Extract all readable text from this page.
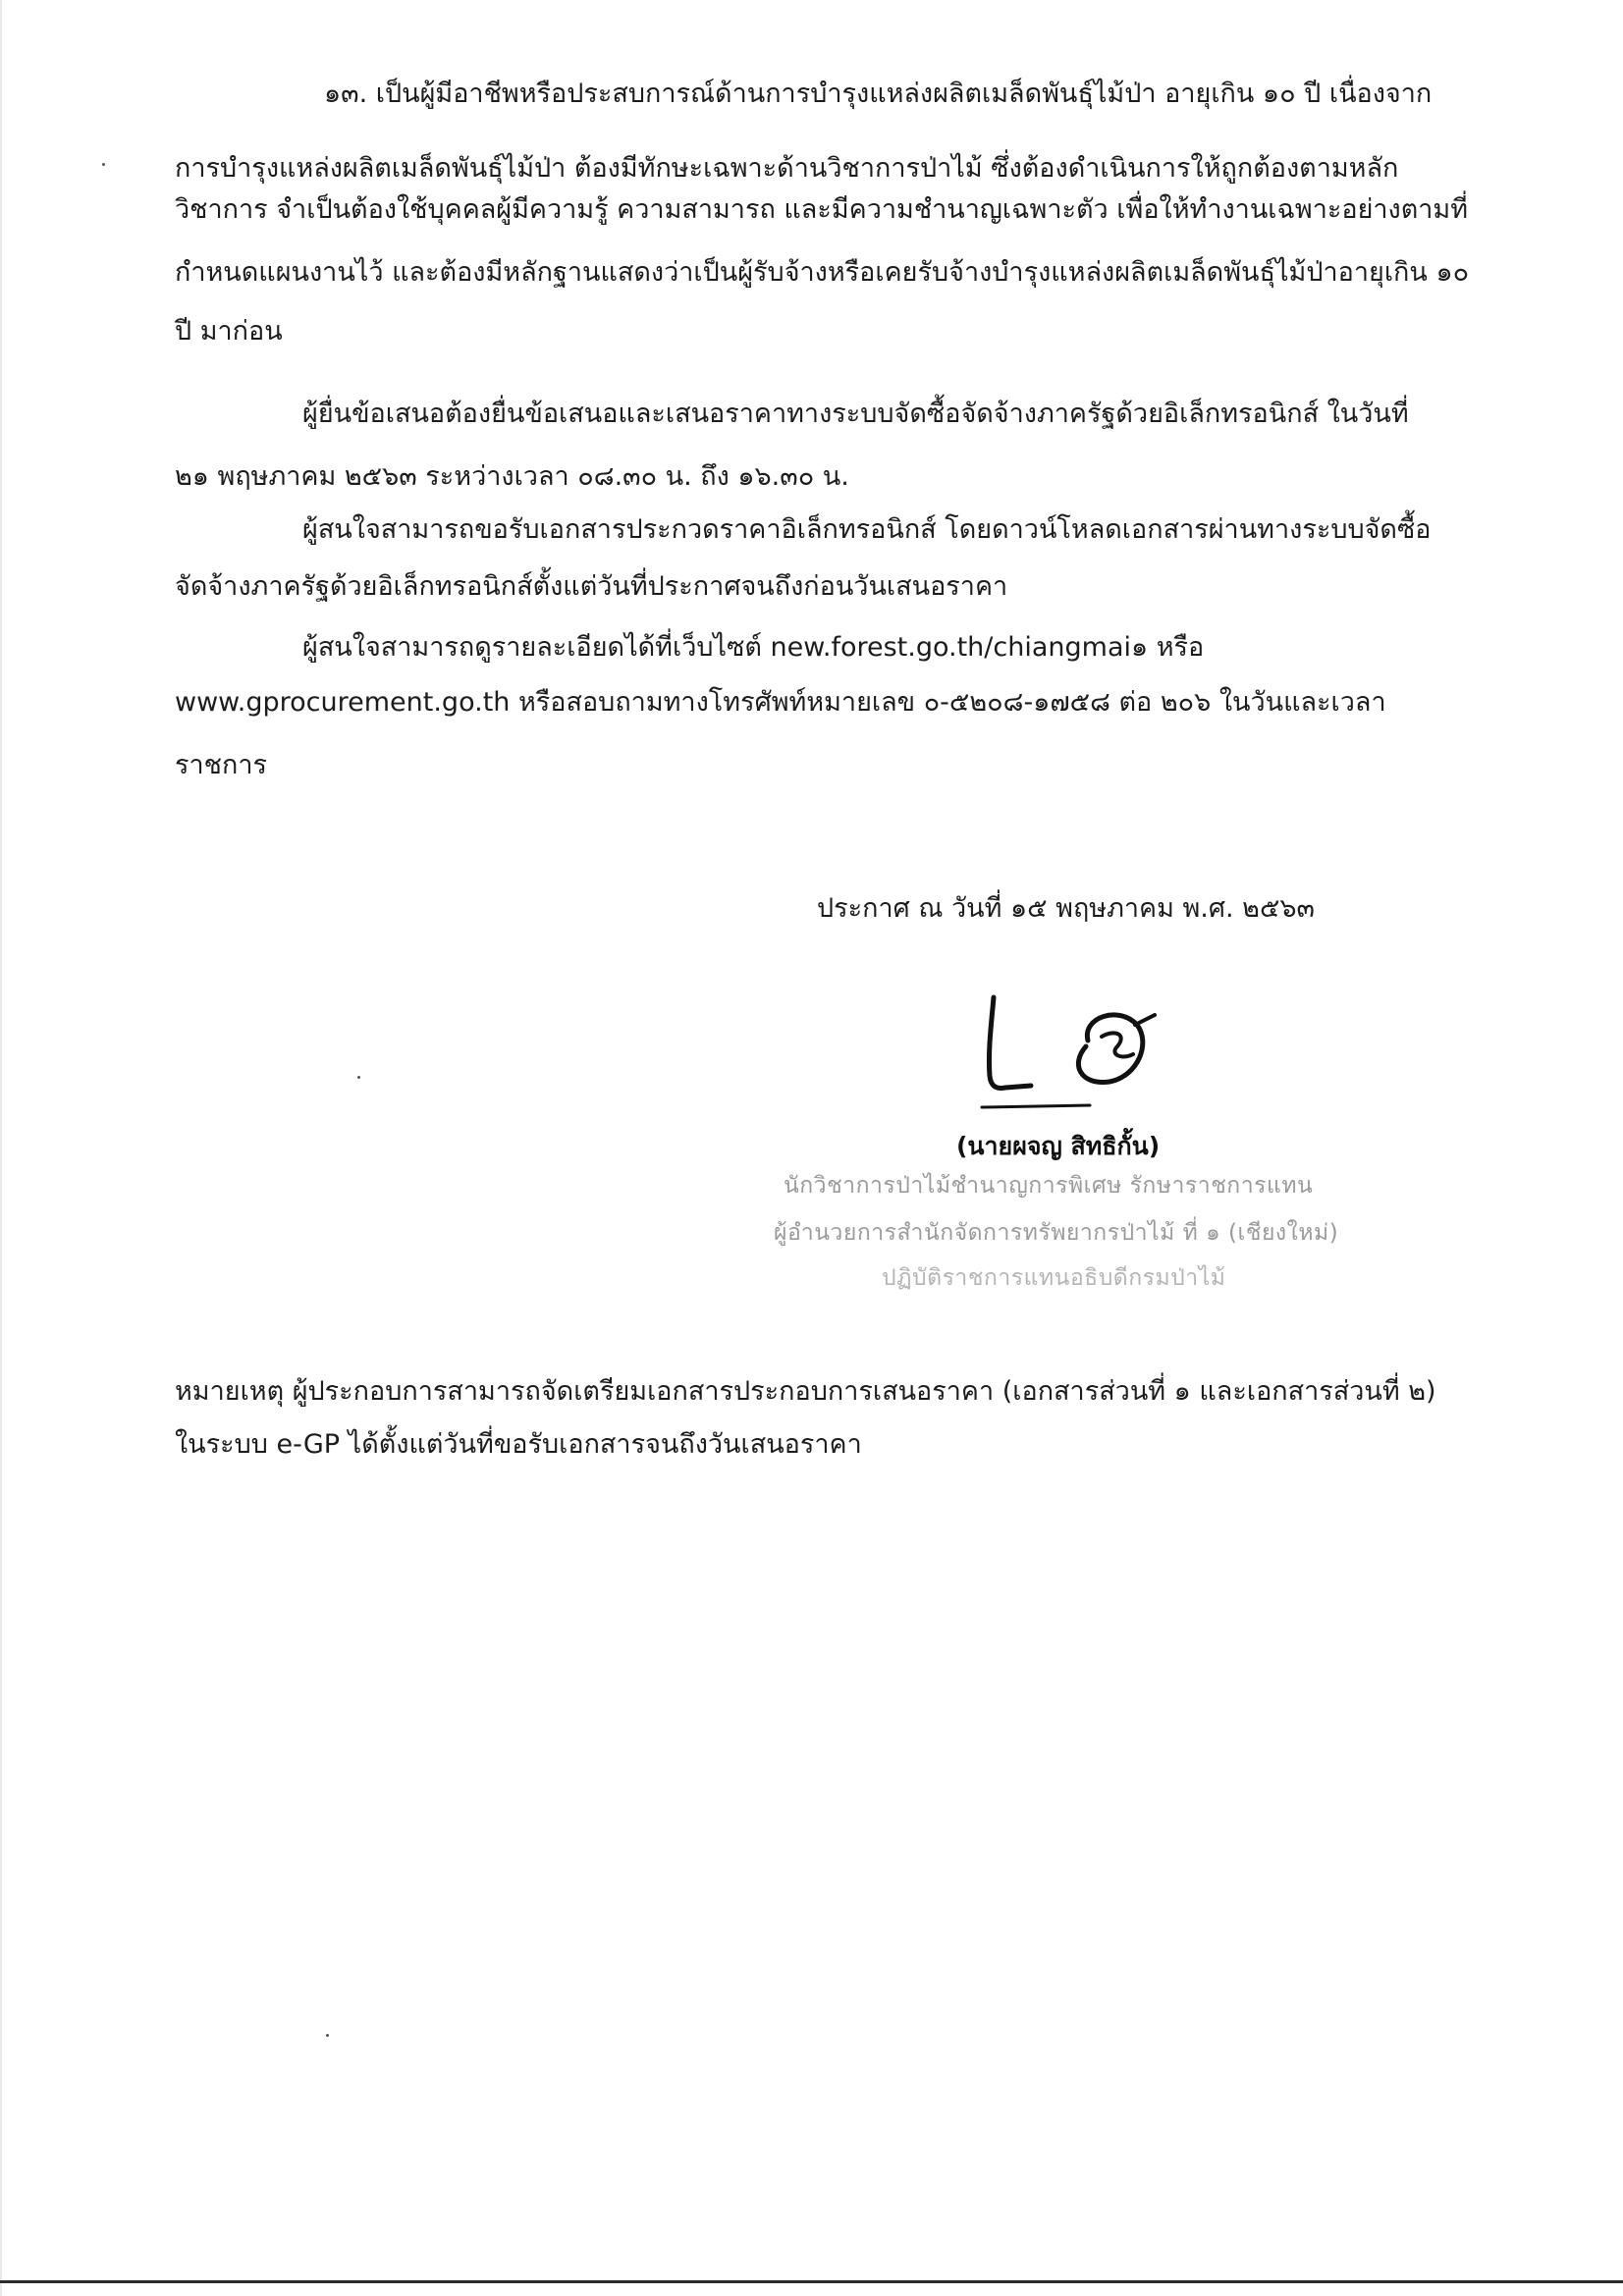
๑๓. เป็นผู้มีอาชีพหรือประสบการณ์ด้านการบำรุงแหล่งผลิตเมล็ดพันธุ์ไม้ป่า อายุเกิน ๑๐ ปี เนื่องจาก
การบำรุงแหล่งผลิตเมล็ดพันธุ์ไม้ป่า ต้องมีทักษะเฉพาะด้านวิชาการป่าไม้ ซึ่งต้องดำเนินการให้ถูกต้องตามหลัก
วิชาการ จำเป็นต้องใช้บุคคลผู้มีความรู้ ความสามารถ และมีความชำนาญเฉพาะตัว เพื่อให้ทำงานเฉพาะอย่างตามที่
กำหนดแผนงานไว้ และต้องมีหลักฐานแสดงว่าเป็นผู้รับจ้างหรือเคยรับจ้างบำรุงแหล่งผลิตเมล็ดพันธุ์ไม้ป่าอายุเกิน ๑๐
ปี มาก่อน
ผู้ยื่นข้อเสนอต้องยื่นข้อเสนอและเสนอราคาทางระบบจัดซื้อจัดจ้างภาครัฐด้วยอิเล็กทรอนิกส์ ในวันที่
๒๑ พฤษภาคม ๒๕๖๓ ระหว่างเวลา ๐๘.๓๐ น. ถึง ๑๖.๓๐ น.
ผู้สนใจสามารถขอรับเอกสารประกวดราคาอิเล็กทรอนิกส์ โดยดาวน์โหลดเอกสารผ่านทางระบบจัดซื้อ
จัดจ้างภาครัฐด้วยอิเล็กทรอนิกส์ตั้งแต่วันที่ประกาศจนถึงก่อนวันเสนอราคา
ผู้สนใจสามารถดูรายละเอียดได้ที่เว็บไซต์ new.forest.go.th/chiangmai๑ หรือ
www.gprocurement.go.th หรือสอบถามทางโทรศัพท์หมายเลข ๐-๕๒๐๘-๑๗๕๘ ต่อ ๒๐๖ ในวันและเวลา
ราชการ
ประกาศ ณ วันที่ ๑๕ พฤษภาคม พ.ศ. ๒๕๖๓
(นายผจญ สิทธิกั้น)
นักวิชาการป่าไม้ชำนาญการพิเศษ รักษาราชการแทน
ผู้อำนวยการสำนักจัดการทรัพยากรป่าไม้ ที่ ๑ (เชียงใหม่)
ปฏิบัติราชการแทนอธิบดีกรมป่าไม้
หมายเหตุ ผู้ประกอบการสามารถจัดเตรียมเอกสารประกอบการเสนอราคา (เอกสารส่วนที่ ๑ และเอกสารส่วนที่ ๒)
ในระบบ e-GP ได้ตั้งแต่วันที่ขอรับเอกสารจนถึงวันเสนอราคา
